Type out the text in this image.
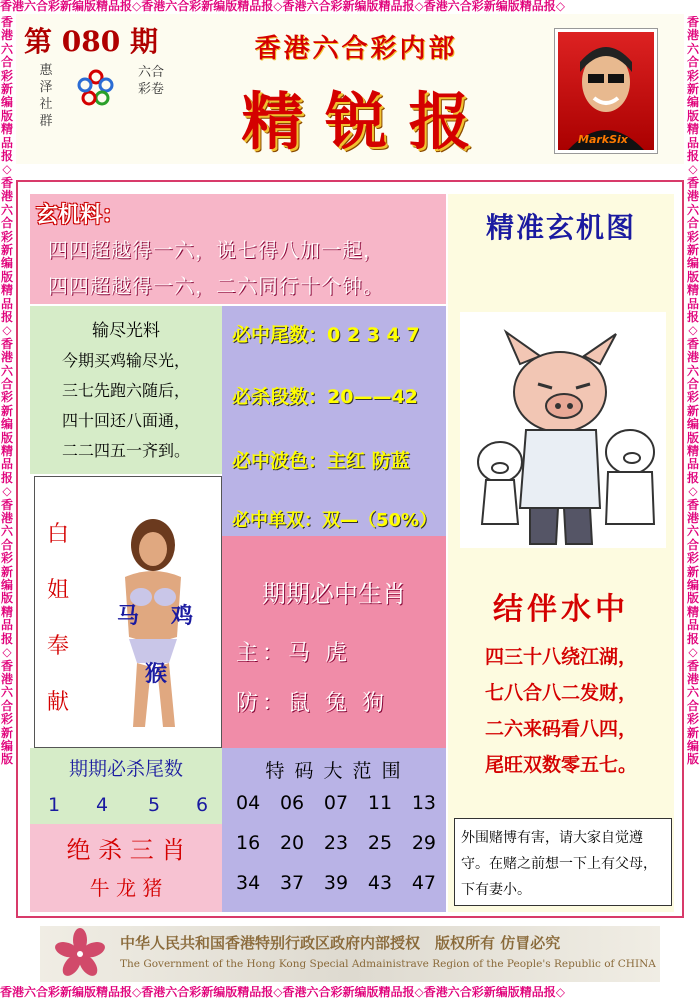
香港六合彩新编版精品报◇香港六合彩新编版精品报◇香港六合彩新编版精品报◇香港六合彩新编版精品报◇
香港六合彩新编版精品报◇香港六合彩新编版精品报◇香港六合彩新编版精品报◇香港六合彩新编版精品报◇
香港六合彩新编版精品报◇香港六合彩新编版精品报◇香港六合彩新编版精品报◇香港六合彩新编版精品报◇香港六合彩新编版
香港六合彩新编版精品报◇香港六合彩新编版精品报◇香港六合彩新编版精品报◇香港六合彩新编版精品报◇香港六合彩新编版
第 080 期
惠
泽
社
群
六合
彩卷
香港六合彩内部
精 锐 报	MarkSix
玄机料：
四四超越得一六，说七得八加一起，
四四超越得一六，二六同行十个钟。
输尽光料
今期买鸡输尽光，
三七先跑六随后，
四十回还八面通，
二二四五一齐到。
必中尾数：0 2 3 4 7
必杀段数：20——42
必中波色：主红 防蓝
必中单双：双—（50%）
白
姐
奉
献
马 鸡
猴
期期必中生肖
主：马 虎
防：鼠 兔 狗
期期必杀尾数
1 4 5 6
绝 杀 三 肖
牛 龙 猪
特 码 大 范 围
04 06 07 11 13
16 20 23 25 29
34 37 39 43 47
精准玄机图
结伴水中
四三十八绕江湖，
七八合八二发财，
二六来码看八四，
尾旺双数零五七。
外围赌博有害，请大家自觉遵守。在赌之前想一下上有父母，下有妻小。
中华人民共和国香港特别行政区政府内部授权　版权所有 仿冒必究
The Government of the Hong Kong Special Admainistrave Region of the People's Republic of CHINA
